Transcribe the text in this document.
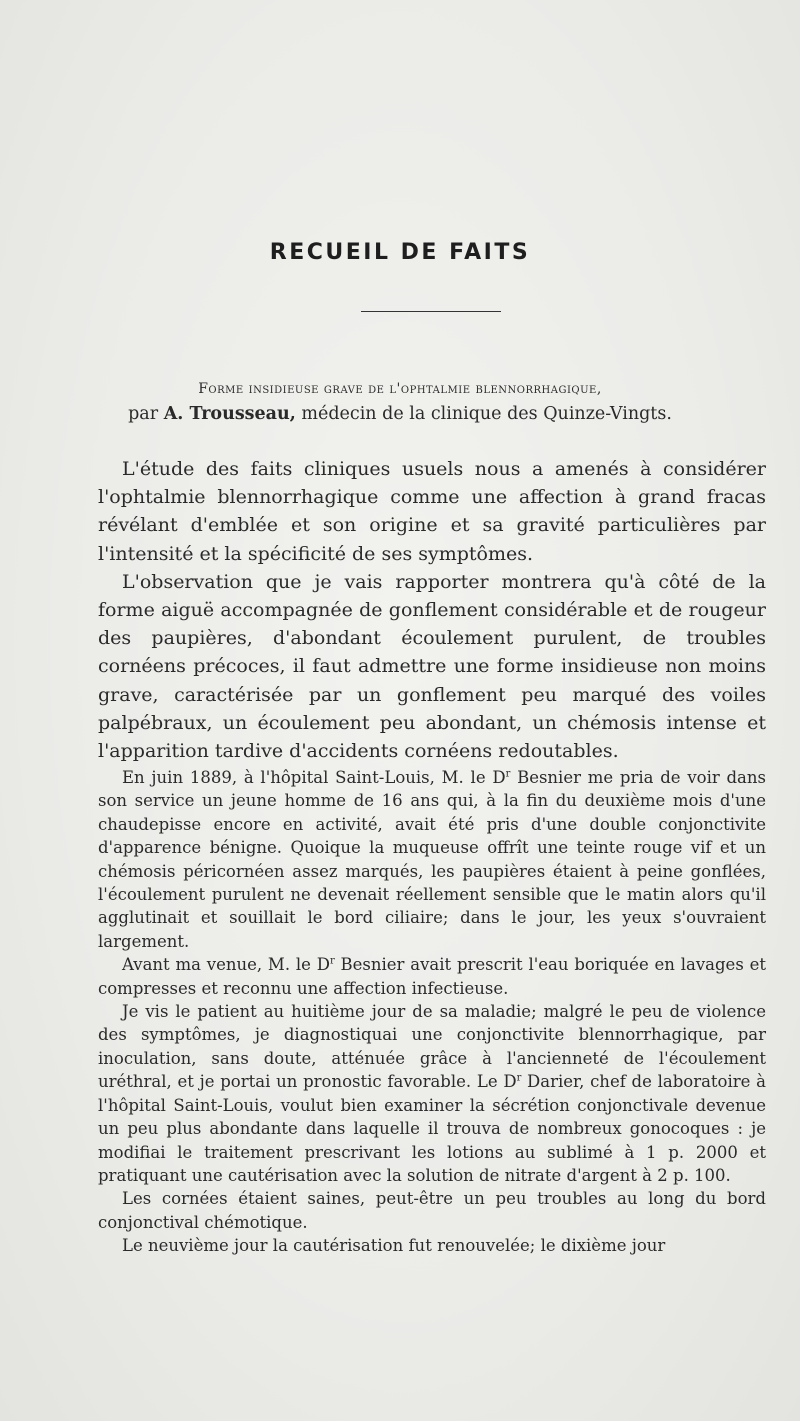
RECUEIL DE FAITS

Forme insidieuse grave de l'ophtalmie blennorrhagique,

par A. Trousseau, médecin de la clinique des Quinze-Vingts.

L'étude des faits cliniques usuels nous a amenés à considérer l'ophtalmie blennorrhagique comme une affection à grand fracas révélant d'emblée et son origine et sa gravité particulières par l'intensité et la spécificité de ses symptômes.

L'observation que je vais rapporter montrera qu'à côté de la forme aiguë accompagnée de gonflement considérable et de rougeur des paupières, d'abondant écoulement purulent, de troubles cornéens précoces, il faut admettre une forme insidieuse non moins grave, caractérisée par un gonflement peu marqué des voiles palpébraux, un écoulement peu abondant, un chémosis intense et l'apparition tardive d'accidents cornéens redoutables.

En juin 1889, à l'hôpital Saint-Louis, M. le $D^r$ Besnier me pria de voir dans son service un jeune homme de 16 ans qui, à la fin du deuxième mois d'une chaudepisse encore en activité, avait été pris d'une double conjonctivite d'apparence bénigne. Quoique la muqueuse offrît une teinte rouge vif et un chémosis péricornéen assez marqués, les paupières étaient à peine gonflées, l'écoulement purulent ne devenait réellement sensible que le matin alors qu'il agglutinait et souillait le bord ciliaire; dans le jour, les yeux s'ouvraient largement.

Avant ma venue, M. le $D^r$ Besnier avait prescrit l'eau boriquée en lavages et compresses et reconnu une affection infectieuse.

Je vis le patient au huitième jour de sa maladie; malgré le peu de violence des symptômes, je diagnostiquai une conjonctivite blennorrhagique, par inoculation, sans doute, atténuée grâce à l'ancienneté de l'écoulement uréthral, et je portai un pronostic favorable. Le $D^r$ Darier, chef de laboratoire à l'hôpital Saint-Louis, voulut bien examiner la sécrétion conjonctivale devenue un peu plus abondante dans laquelle il trouva de nombreux gonocoques : je modifiai le traitement prescrivant les lotions au sublimé à 1 p. 2000 et pratiquant une cautérisation avec la solution de nitrate d'argent à 2 p. 100.

Les cornées étaient saines, peut-être un peu troubles au long du bord conjonctival chémotique.

Le neuvième jour la cautérisation fut renouvelée; le dixième jour
